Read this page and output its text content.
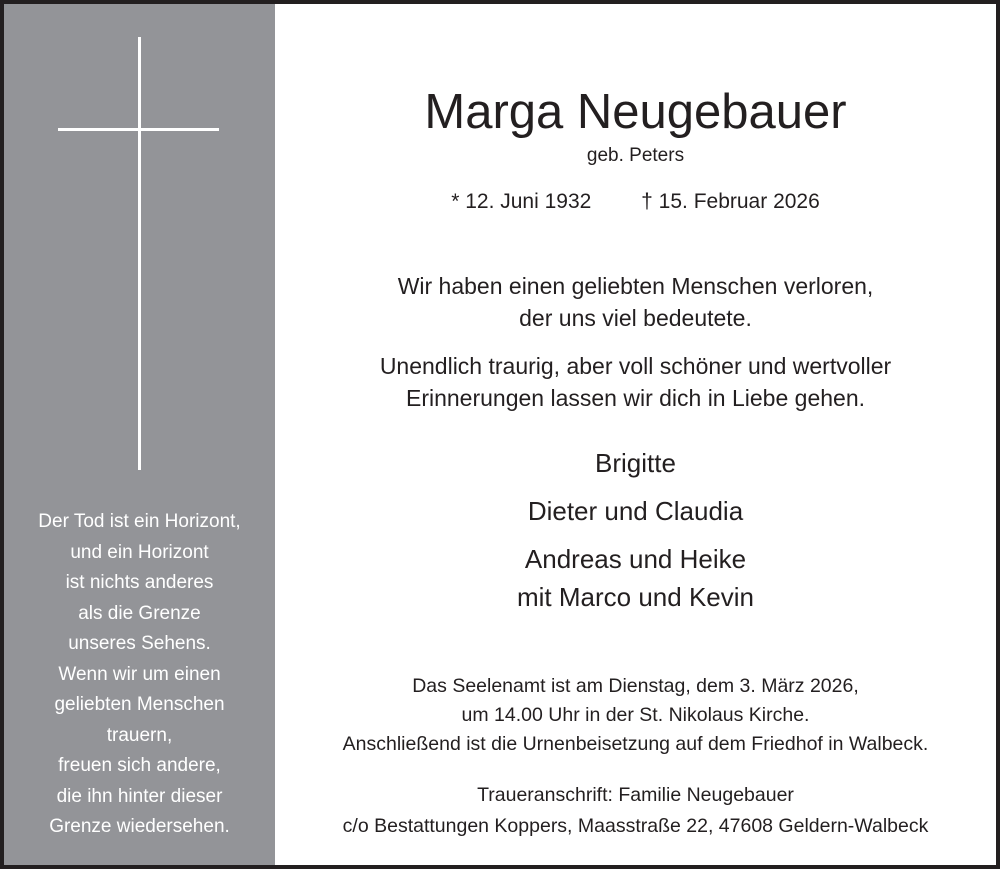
Der Tod ist ein Horizont,
und ein Horizont
ist nichts anderes
als die Grenze
unseres Sehens.
Wenn wir um einen
geliebten Menschen
trauern,
freuen sich andere,
die ihn hinter dieser
Grenze wiedersehen.
Marga Neugebauer
geb. Peters
* 12. Juni 1932 † 15. Februar 2026
Wir haben einen geliebten Menschen verloren,
der uns viel bedeutete.
Unendlich traurig, aber voll schöner und wertvoller
Erinnerungen lassen wir dich in Liebe gehen.
Brigitte
Dieter und Claudia
Andreas und Heike
mit Marco und Kevin
Das Seelenamt ist am Dienstag, dem 3. März 2026,
um 14.00 Uhr in der St. Nikolaus Kirche.
Anschließend ist die Urnenbeisetzung auf dem Friedhof in Walbeck.
Traueranschrift: Familie Neugebauer
c/o Bestattungen Koppers, Maasstraße 22, 47608 Geldern-Walbeck
